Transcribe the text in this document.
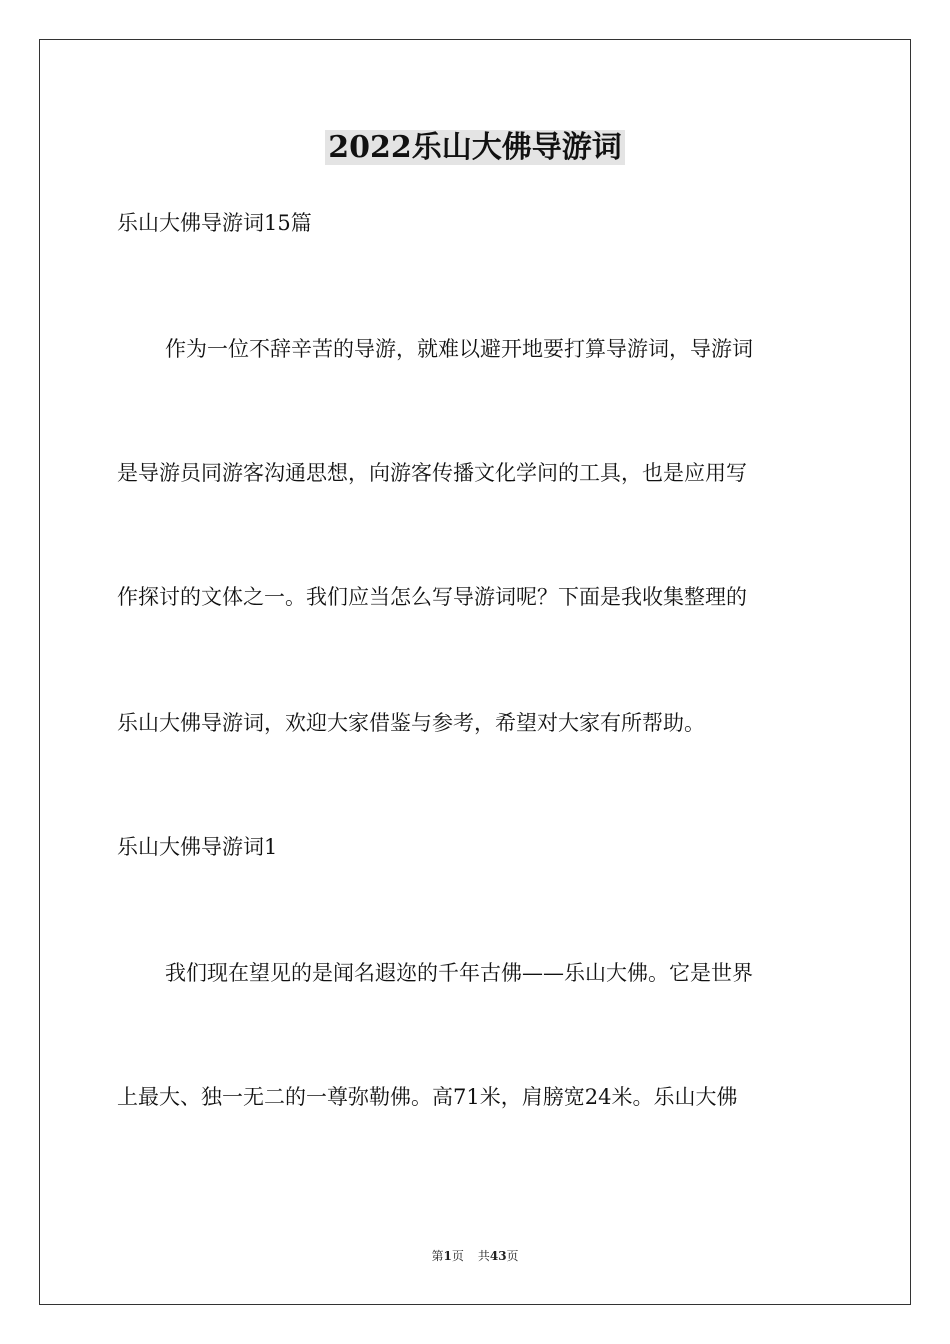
2022乐山大佛导游词
乐山大佛导游词15篇
作为一位不辞辛苦的导游，就难以避开地要打算导游词，导游词
是导游员同游客沟通思想，向游客传播文化学问的工具，也是应用写
作探讨的文体之一。我们应当怎么写导游词呢？下面是我收集整理的
乐山大佛导游词，欢迎大家借鉴与参考，希望对大家有所帮助。
乐山大佛导游词1
我们现在望见的是闻名遐迩的千年古佛——乐山大佛。它是世界
上最大、独一无二的一尊弥勒佛。高71米，肩膀宽24米。乐山大佛
第1页 共43页
